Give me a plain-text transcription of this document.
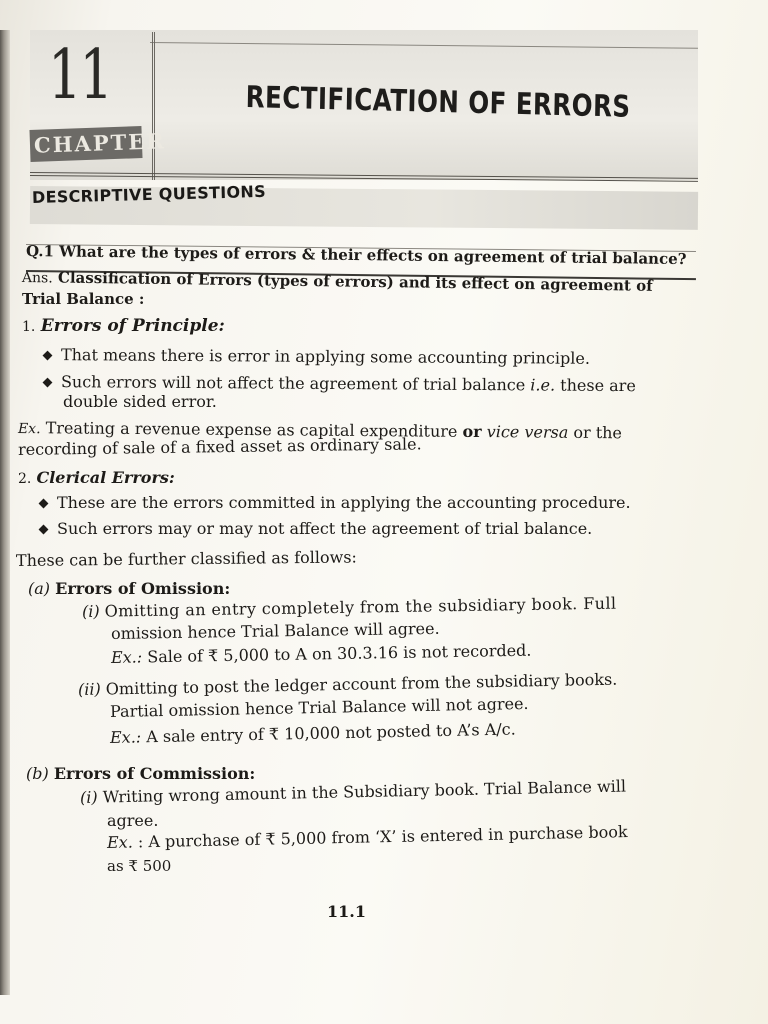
11
CHAPTER
RECTIFICATION OF ERRORS
DESCRIPTIVE QUESTIONS
Q.1 What are the types of errors & their effects on agreement of trial balance?
Ans. Classification of Errors (types of errors) and its effect on agreement of
Trial Balance :
1. Errors of Principle:
That means there is error in applying some accounting principle.
Such errors will not affect the agreement of trial balance i.e. these are
double sided error.
Ex. Treating a revenue expense as capital expenditure or vice versa or the
recording of sale of a fixed asset as ordinary sale.
2. Clerical Errors:
These are the errors committed in applying the accounting procedure.
Such errors may or may not affect the agreement of trial balance.
These can be further classified as follows:
(a) Errors of Omission:
(i) Omitting an entry completely from the subsidiary book. Full
omission hence Trial Balance will agree.
Ex.: Sale of ₹ 5,000 to A on 30.3.16 is not recorded.
(ii) Omitting to post the ledger account from the subsidiary books.
Partial omission hence Trial Balance will not agree.
Ex.: A sale entry of ₹ 10,000 not posted to A’s A/c.
(b) Errors of Commission:
(i) Writing wrong amount in the Subsidiary book. Trial Balance will
agree.
Ex. : A purchase of ₹ 5,000 from ‘X’ is entered in purchase book
as ₹ 500
11.1
